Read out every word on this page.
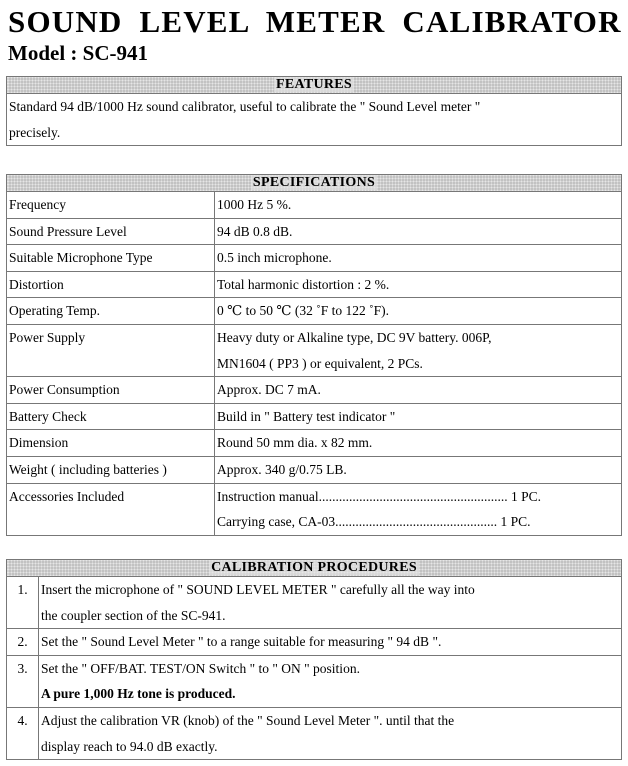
SOUND LEVEL METER CALIBRATOR
Model : SC-941
FEATURES

Standard 94 dB/1000 Hz sound calibrator, useful to calibrate the " Sound Level meter "
precisely.
SPECIFICATIONS	
Frequency	1000 Hz 5 %.

Sound Pressure Level	94 dB 0.8 dB.

Suitable Microphone Type	0.5 inch microphone.

Distortion	Total harmonic distortion : 2 %.

Operating Temp.	0 ℃ to 50 ℃ (32 ˚F to 122 ˚F).

Power Supply	Heavy duty or Alkaline type, DC 9V battery. 006P,
MN1604 ( PP3 ) or equivalent, 2 PCs.

Power Consumption	Approx. DC 7 mA.

Battery Check	Build in " Battery test indicator "

Dimension	Round 50 mm dia. x 82 mm.

Weight ( including batteries )	Approx. 340 g/0.75 LB.

Accessories Included	Instruction manual........................................................ 1 PC.
Carrying case, CA-03................................................ 1 PC.
CALIBRATION PROCEDURES	
1.	Insert the microphone of " SOUND LEVEL METER " carefully all the way into
the coupler section of the SC-941.

2.	Set the " Sound Level Meter " to a range suitable for measuring " 94 dB ".

3.	Set the " OFF/BAT. TEST/ON Switch " to " ON " position.
A pure 1,000 Hz tone is produced.

4.	Adjust the calibration VR (knob) of the " Sound Level Meter ". until that the
display reach to 94.0 dB exactly.
